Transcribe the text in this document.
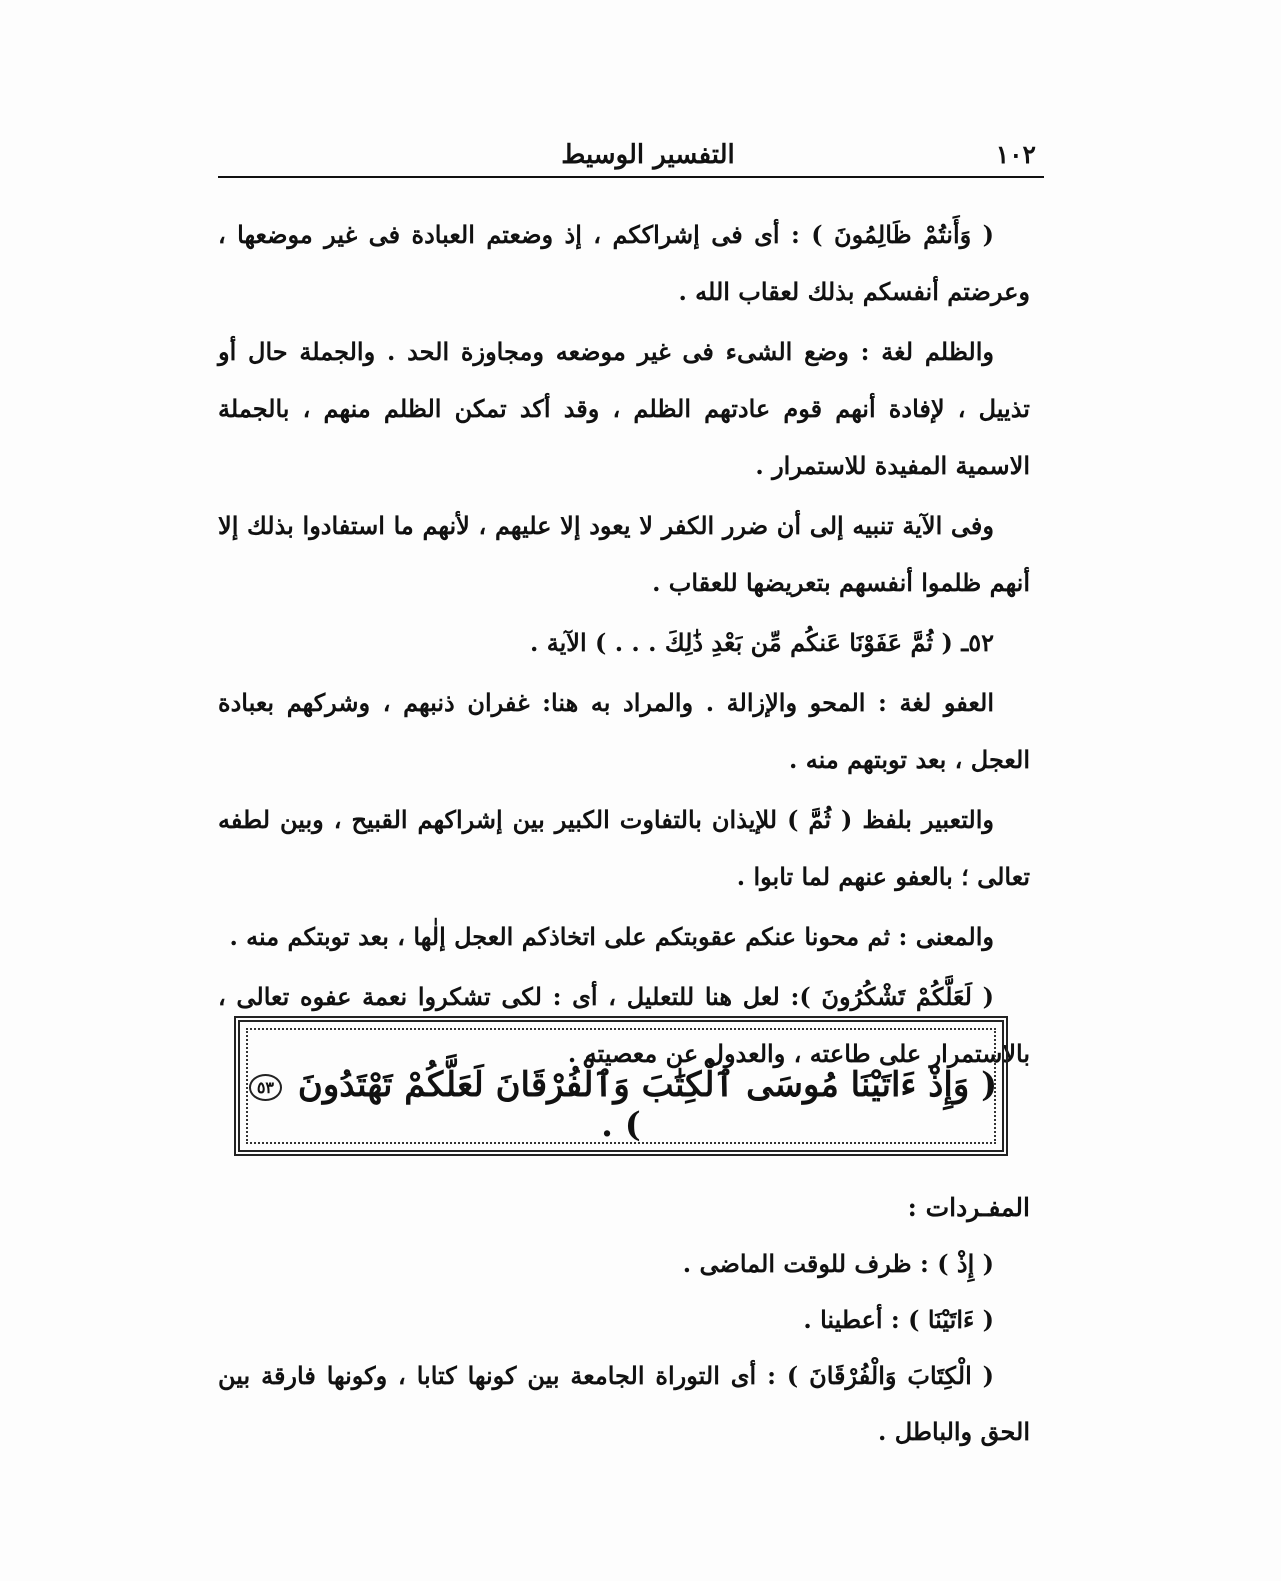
١٠٢
التفسير الوسيط

( وَأَنتُمْ ظَالِمُونَ ) : أى فى إشراككم ، إذ وضعتم العبادة فى غير موضعها ، وعرضتم أنفسكم بذلك لعقاب الله .

والظلم لغة : وضع الشىء فى غير موضعه ومجاوزة الحد . والجملة حال أو تذييل ، لإفادة أنهم قوم عادتهم الظلم ، وقد أكد تمكن الظلم منهم ، بالجملة الاسمية المفيدة للاستمرار .

وفى الآية تنبيه إلى أن ضرر الكفر لا يعود إلا عليهم ، لأنهم ما استفادوا بذلك إلا أنهم ظلموا أنفسهم بتعريضها للعقاب .

٥٢ـ ( ثُمَّ عَفَوْنَا عَنكُم مِّن بَعْدِ ذَٰلِكَ . . . ) الآية .

العفو لغة : المحو والإزالة . والمراد به هنا: غفران ذنبهم ، وشركهم بعبادة العجل ، بعد توبتهم منه .

والتعبير بلفظ ( ثُمَّ ) للإيذان بالتفاوت الكبير بين إشراكهم القبيح ، وبين لطفه تعالى ؛ بالعفو عنهم لما تابوا .

والمعنى : ثم محونا عنكم عقوبتكم على اتخاذكم العجل إلٰها ، بعد توبتكم منه .

( لَعَلَّكُمْ تَشْكُرُونَ ): لعل هنا للتعليل ، أى : لكى تشكروا نعمة عفوه تعالى ، بالاستمرار على طاعته ، والعدول عن معصيته .

( وَإِذْ ءَاتَيْنَا مُوسَى ٱلْكِتَٰبَ وَٱلْفُرْقَانَ لَعَلَّكُمْ تَهْتَدُونَ ٥٣ ) .
المفـردات :
( إِذْ ) : ظرف للوقت الماضى .
( ءَاتَيْنَا ) : أعطينا .
( الْكِتَابَ وَالْفُرْقَانَ ) : أى التوراة الجامعة بين كونها كتابا ، وكونها فارقة بين الحق والباطل .
